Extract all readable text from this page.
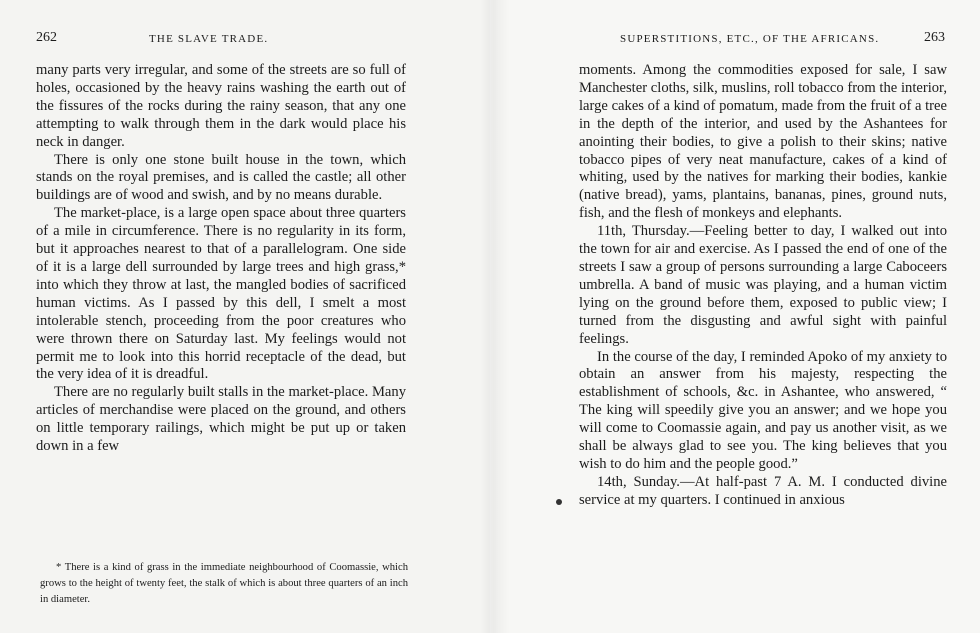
262	THE SLAVE TRADE.

many parts very irregular, and some of the streets are so full of holes, occasioned by the heavy rains washing the earth out of the fissures of the rocks during the rainy season, that any one attempting to walk through them in the dark would place his neck in danger.

There is only one stone built house in the town, which stands on the royal premises, and is called the castle; all other buildings are of wood and swish, and by no means durable.

The market-place, is a large open space about three quarters of a mile in circumference. There is no regularity in its form, but it approaches nearest to that of a parallelogram. One side of it is a large dell surrounded by large trees and high grass,* into which they throw at last, the mangled bodies of sacrificed human victims. As I passed by this dell, I smelt a most intolerable stench, proceeding from the poor creatures who were thrown there on Saturday last. My feelings would not permit me to look into this horrid receptacle of the dead, but the very idea of it is dreadful.

There are no regularly built stalls in the market-place. Many articles of merchandise were placed on the ground, and others on little temporary railings, which might be put up or taken down in a few

* There is a kind of grass in the immediate neighbourhood of Coomassie, which grows to the height of twenty feet, the stalk of which is about three quarters of an inch in diameter.
SUPERSTITIONS, ETC., OF THE AFRICANS.	263

moments. Among the commodities exposed for sale, I saw Manchester cloths, silk, muslins, roll tobacco from the interior, large cakes of a kind of pomatum, made from the fruit of a tree in the depth of the interior, and used by the Ashantees for anointing their bodies, to give a polish to their skins; native tobacco pipes of very neat manufacture, cakes of a kind of whiting, used by the natives for marking their bodies, kankie (native bread), yams, plantains, bananas, pines, ground nuts, fish, and the flesh of monkeys and elephants.

11th, Thursday.—Feeling better to day, I walked out into the town for air and exercise. As I passed the end of one of the streets I saw a group of persons surrounding a large Caboceers umbrella. A band of music was playing, and a human victim lying on the ground before them, exposed to public view; I turned from the disgusting and awful sight with painful feelings.

In the course of the day, I reminded Apoko of my anxiety to obtain an answer from his majesty, respecting the establishment of schools, &c. in Ashantee, who answered, “ The king will speedily give you an answer; and we hope you will come to Coomassie again, and pay us another visit, as we shall be always glad to see you. The king believes that you wish to do him and the people good.”

14th, Sunday.—At half-past 7 A. M. I conducted divine service at my quarters. I continued in anxious
